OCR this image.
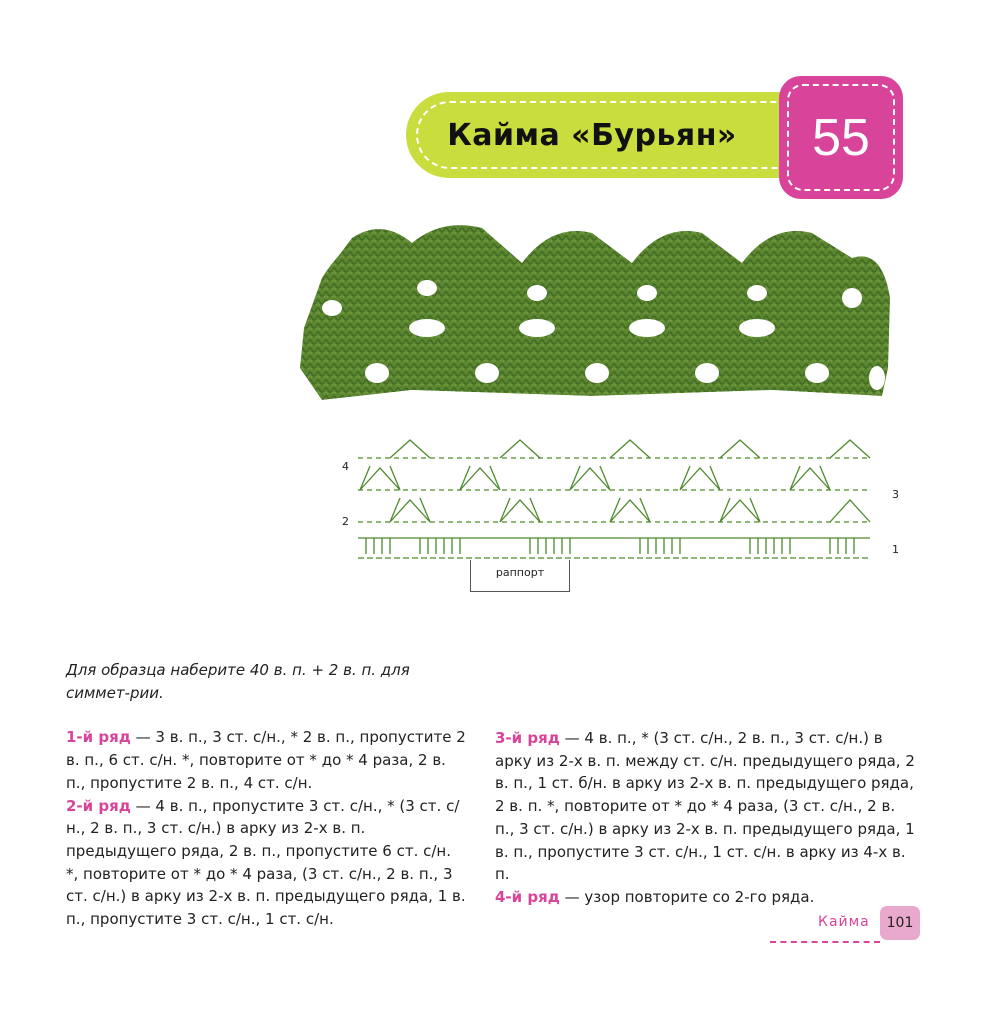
Кайма «Бурьян»	55
4
2
3
1
раппорт

Для образца наберите 40 в. п. + 2 в. п. для симмет-рии.

1-й ряд — 3 в. п., 3 ст. с/н., * 2 в. п., пропустите 2 в. п., 6 ст. с/н. *, повторите от * до * 4 раза, 2 в. п., пропустите 2 в. п., 4 ст. с/н.

2-й ряд — 4 в. п., пропустите 3 ст. с/н., * (3 ст. с/н., 2 в. п., 3 ст. с/н.) в арку из 2-х в. п. предыдущего ряда, 2 в. п., пропустите 6 ст. с/н. *, повторите от * до * 4 раза, (3 ст. с/н., 2 в. п., 3 ст. с/н.) в арку из 2-х в. п. предыдущего ряда, 1 в. п., пропустите 3 ст. с/н., 1 ст. с/н.

3-й ряд — 4 в. п., * (3 ст. с/н., 2 в. п., 3 ст. с/н.) в арку из 2-х в. п. между ст. с/н. предыдущего ряда, 2 в. п., 1 ст. б/н. в арку из 2-х в. п. предыдущего ряда, 2 в. п. *, повторите от * до * 4 раза, (3 ст. с/н., 2 в. п., 3 ст. с/н.) в арку из 2-х в. п. предыдущего ряда, 1 в. п., пропустите 3 ст. с/н., 1 ст. с/н. в арку из 4-х в. п.

4-й ряд — узор повторите со 2-го ряда.

Кайма	101
